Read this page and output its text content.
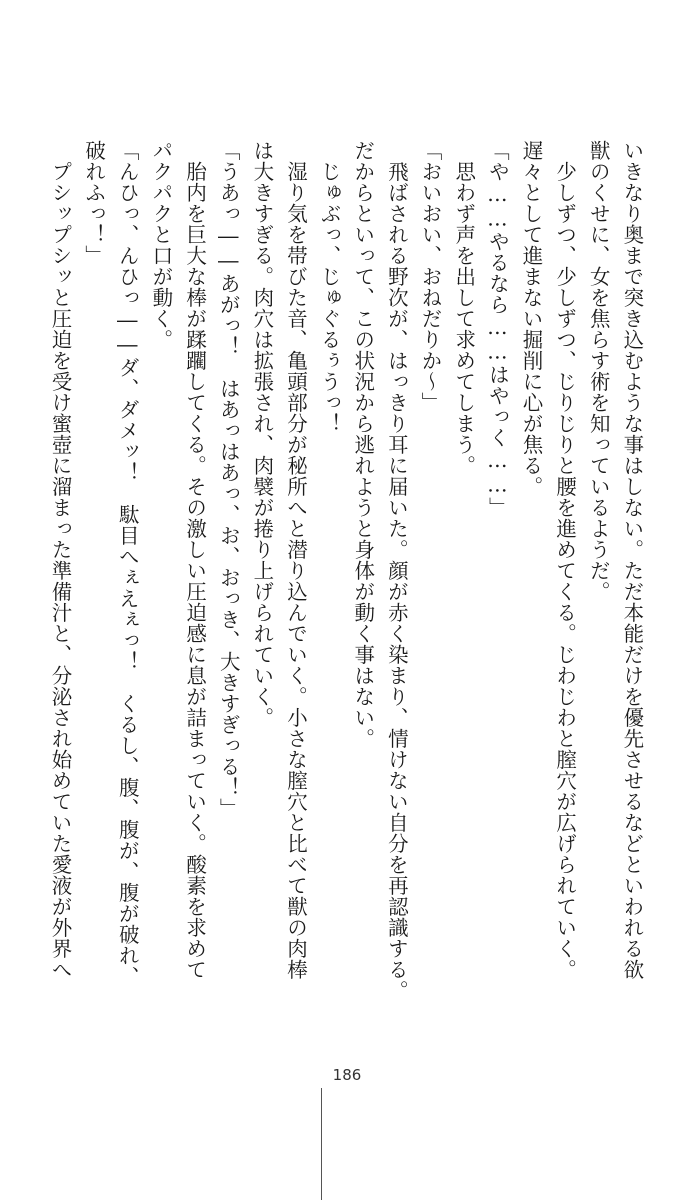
いきなり奥まで突き込むような事はしない。ただ本能だけを優先させるなどといわれる欲
獣のくせに、女を焦らす術を知っているようだ。
　少しずつ、少しずつ、じりじりと腰を進めてくる。じわじわと膣穴が広げられていく。
遅々として進まない掘削に心が焦る。
「や……やるなら……はやっく……」
　思わず声を出して求めてしまう。
「おいおい、おねだりか～」
　飛ばされる野次が、はっきり耳に届いた。顔が赤く染まり、情けない自分を再認識する。
だからといって、この状況から逃れようと身体が動く事はない。
　じゅぶっ、じゅぐるぅうっ！
　湿り気を帯びた音、亀頭部分が秘所へと潜り込んでいく。小さな膣穴と比べて獣の肉棒
は大きすぎる。肉穴は拡張され、肉襞が捲り上げられていく。
「うあっ――あがっ！　はあっはあっ、お、おっき、大きすぎっる！」
　胎内を巨大な棒が蹂躙してくる。その激しい圧迫感に息が詰まっていく。酸素を求めて
パクパクと口が動く。
「んひっ、んひっ――ダ、ダメッ！　駄目へぇえぇっ！　くるし、腹、腹が、腹が破れ、
破れふっ！」
　プシップシッと圧迫を受け蜜壺に溜まった準備汁と、分泌され始めていた愛液が外界へ
186
